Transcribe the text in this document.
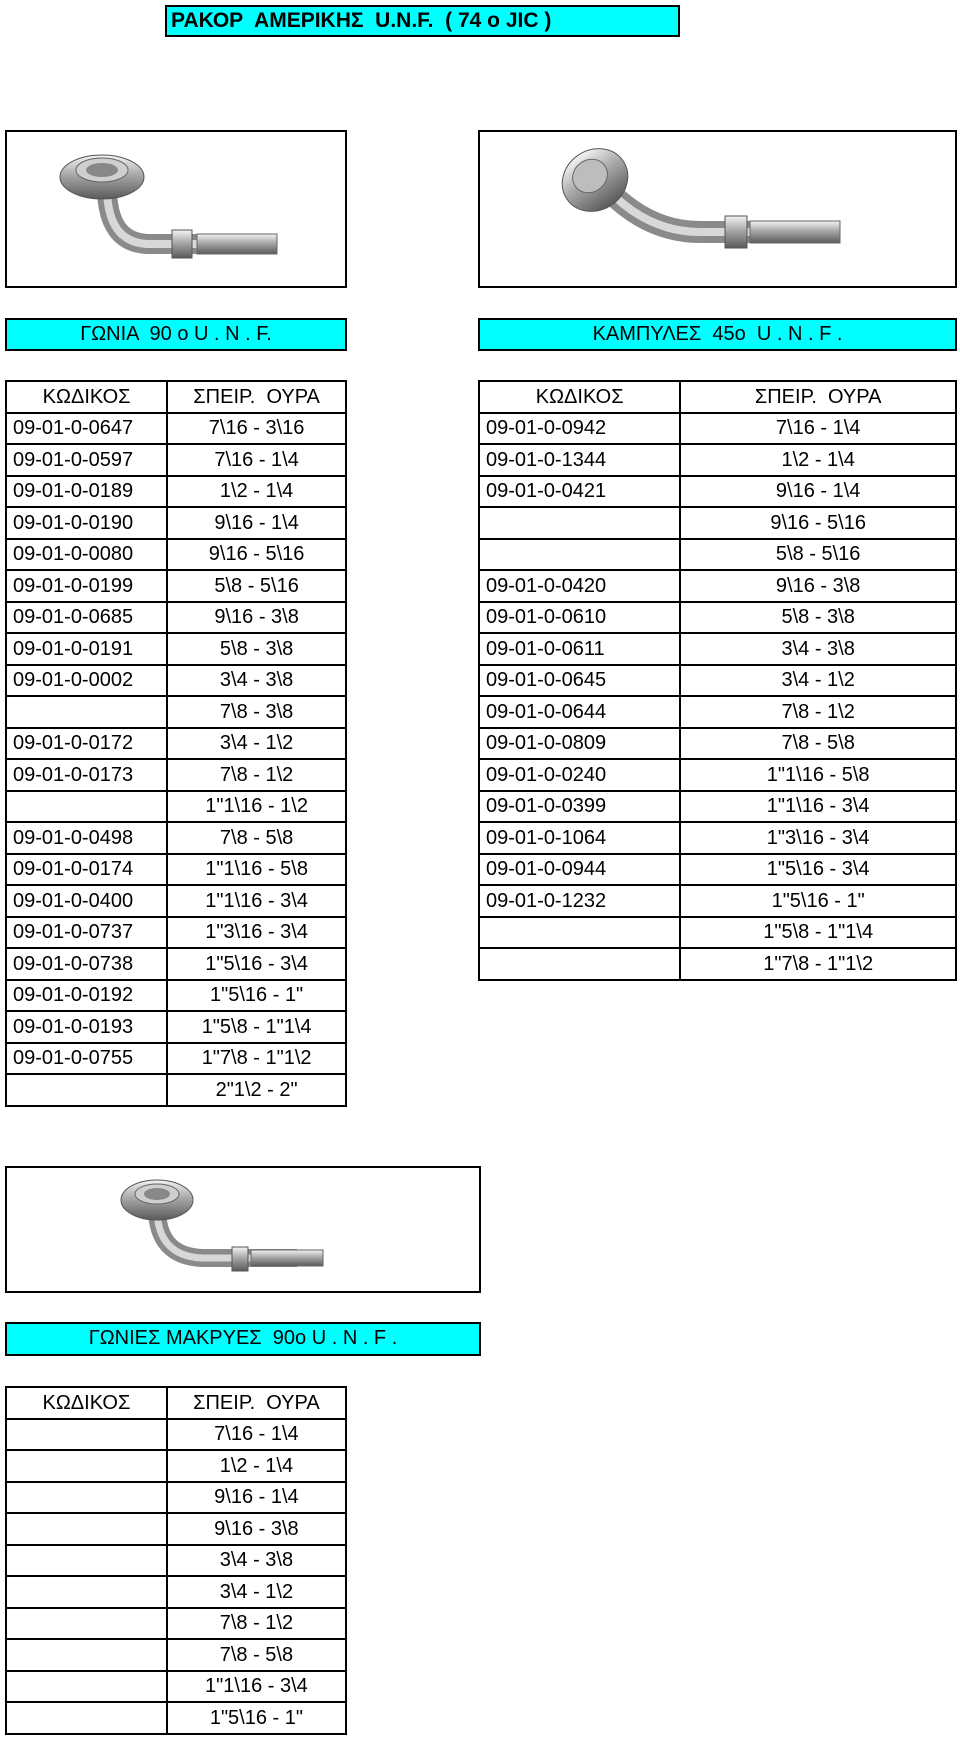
ΡΑΚΟΡ  ΑΜΕΡΙΚΗΣ  U.N.F.  ( 74 o JIC )
ΓΩΝΙΑ  90 o U . N . F.	ΚΑΜΠΥΛΕΣ  45o  U . N . F .
ΚΩΔΙΚΟΣ	ΣΠΕΙΡ.  ΟΥΡΑ
09-01-0-0647	7\16 - 3\16
09-01-0-0597	7\16 - 1\4
09-01-0-0189	1\2 - 1\4
09-01-0-0190	9\16 - 1\4
09-01-0-0080	9\16 - 5\16
09-01-0-0199	5\8 - 5\16
09-01-0-0685	9\16 - 3\8
09-01-0-0191	5\8 - 3\8
09-01-0-0002	3\4 - 3\8
	7\8 - 3\8
09-01-0-0172	3\4 - 1\2
09-01-0-0173	7\8 - 1\2
	1"1\16 - 1\2
09-01-0-0498	7\8 - 5\8
09-01-0-0174	1"1\16 - 5\8
09-01-0-0400	1"1\16 - 3\4
09-01-0-0737	1"3\16 - 3\4
09-01-0-0738	1"5\16 - 3\4
09-01-0-0192	1"5\16 - 1"
09-01-0-0193	1"5\8 - 1"1\4
09-01-0-0755	1"7\8 - 1"1\2
	2"1\2 - 2"
ΚΩΔΙΚΟΣ	ΣΠΕΙΡ.  ΟΥΡΑ
09-01-0-0942	7\16 - 1\4
09-01-0-1344	1\2 - 1\4
09-01-0-0421	9\16 - 1\4
	9\16 - 5\16
	5\8 - 5\16
09-01-0-0420	9\16 - 3\8
09-01-0-0610	5\8 - 3\8
09-01-0-0611	3\4 - 3\8
09-01-0-0645	3\4 - 1\2
09-01-0-0644	7\8 - 1\2
09-01-0-0809	7\8 - 5\8
09-01-0-0240	1"1\16 - 5\8
09-01-0-0399	1"1\16 - 3\4
09-01-0-1064	1"3\16 - 3\4
09-01-0-0944	1"5\16 - 3\4
09-01-0-1232	1"5\16 - 1"
	1"5\8 - 1"1\4
	1"7\8 - 1"1\2
ΓΩΝΙΕΣ ΜΑΚΡΥΕΣ  90o U . N . F .
ΚΩΔΙΚΟΣ	ΣΠΕΙΡ.  ΟΥΡΑ
	7\16 - 1\4
	1\2 - 1\4
	9\16 - 1\4
	9\16 - 3\8
	3\4 - 3\8
	3\4 - 1\2
	7\8 - 1\2
	7\8 - 5\8
	1"1\16 - 3\4
	1"5\16 - 1"
